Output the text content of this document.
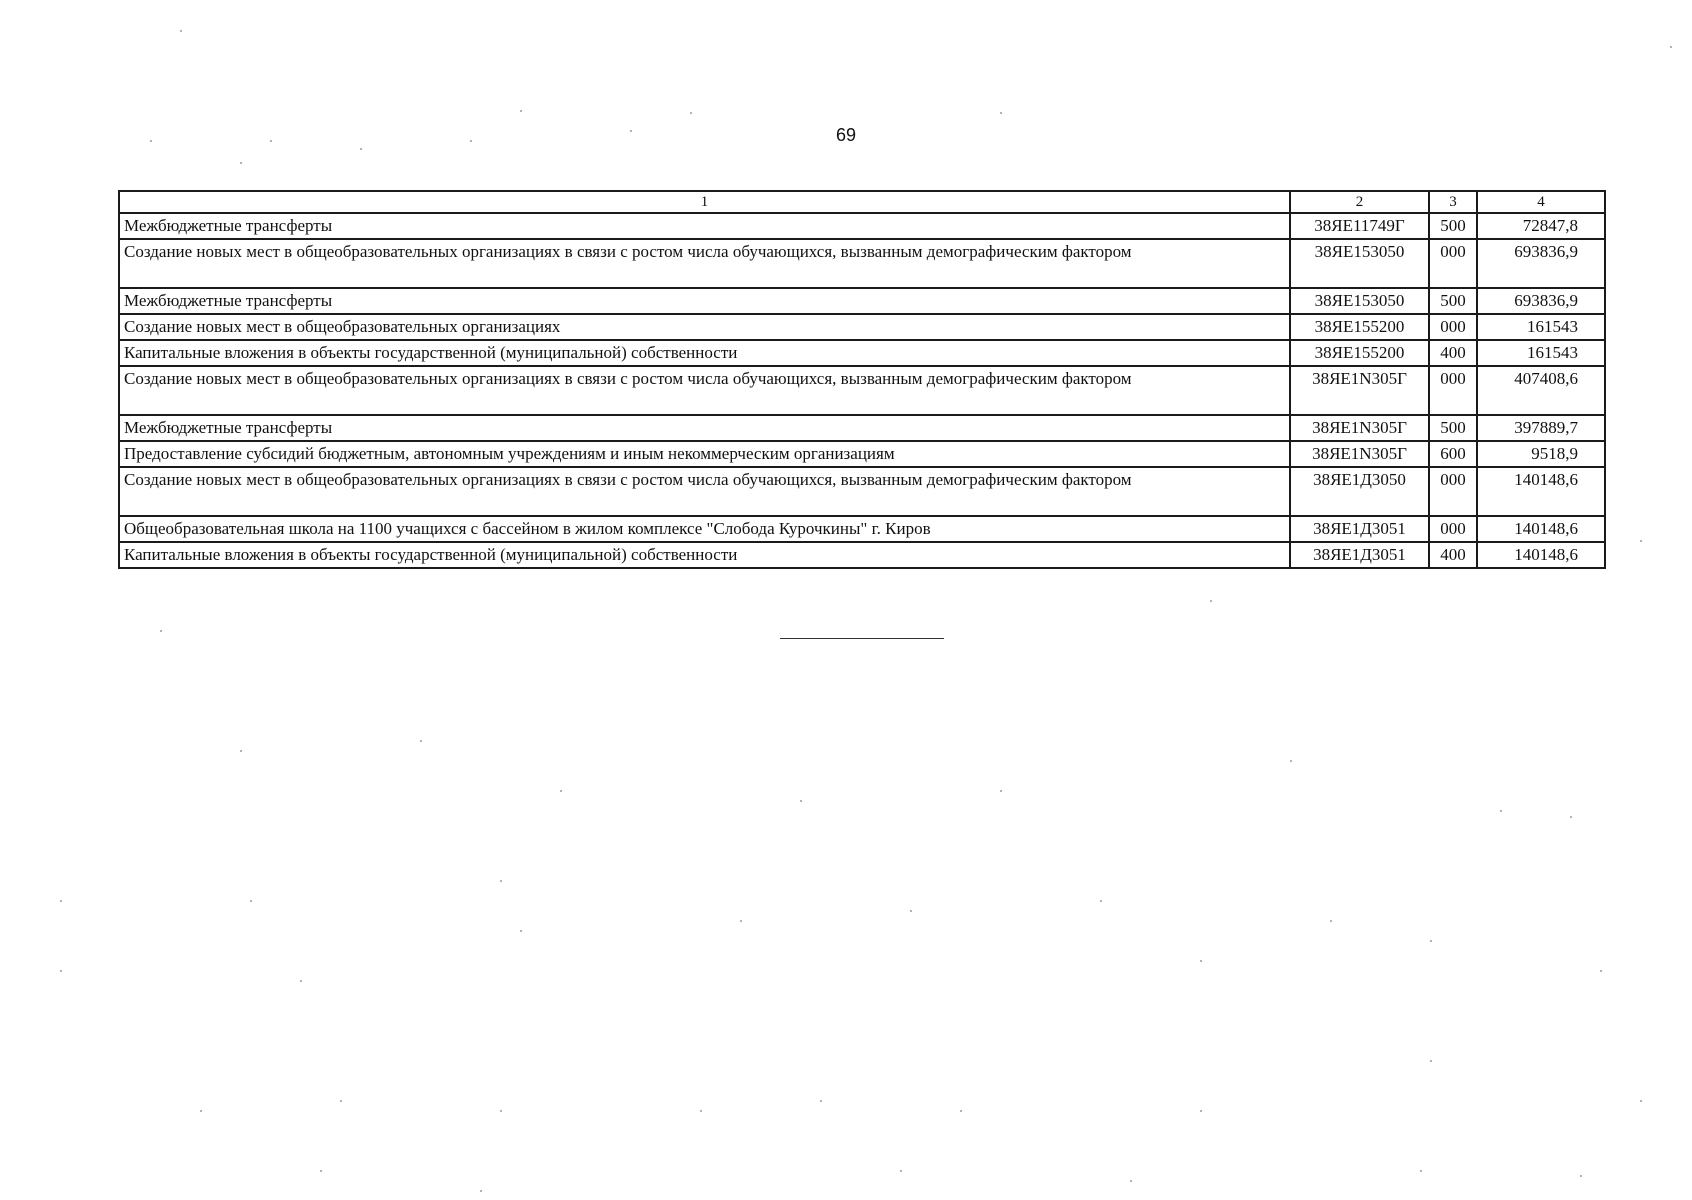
69
1	2	3	4
Межбюджетные трансферты	38ЯЕ11749Г	500	72847,8
Создание новых мест в общеобразовательных организациях в связи с ростом числа обучающихся, вызванным демографическим фактором	38ЯЕ153050	000	693836,9
Межбюджетные трансферты	38ЯЕ153050	500	693836,9
Создание новых мест в общеобразовательных организациях	38ЯЕ155200	000	161543
Капитальные вложения в объекты государственной (муниципальной) собственности	38ЯЕ155200	400	161543
Создание новых мест в общеобразовательных организациях в связи с ростом числа обучающихся, вызванным демографическим фактором	38ЯЕ1N305Г	000	407408,6
Межбюджетные трансферты	38ЯЕ1N305Г	500	397889,7
Предоставление субсидий бюджетным, автономным учреждениям и иным некоммерческим организациям	38ЯЕ1N305Г	600	9518,9
Создание новых мест в общеобразовательных организациях в связи с ростом числа обучающихся, вызванным демографическим фактором	38ЯЕ1Д3050	000	140148,6
Общеобразовательная школа на 1100 учащихся с бассейном в жилом комплексе "Слобода Курочкины" г. Киров	38ЯЕ1Д3051	000	140148,6
Капитальные вложения в объекты государственной (муниципальной) собственности	38ЯЕ1Д3051	400	140148,6
